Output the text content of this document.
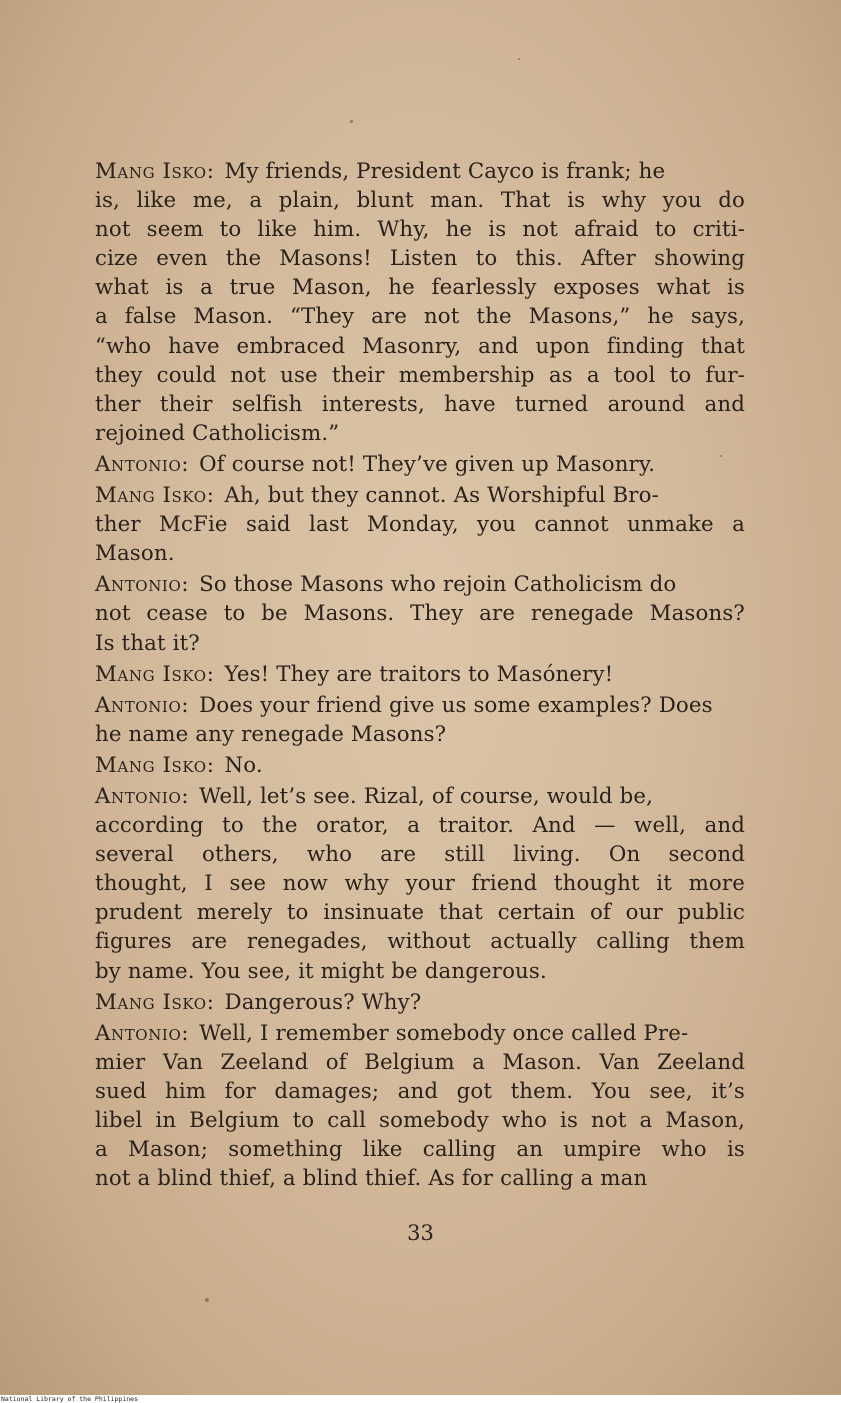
Mang Isko: My friends, President Cayco is frank; he
is, like me, a plain, blunt man. That is why you do
not seem to like him. Why, he is not afraid to criti-
cize even the Masons! Listen to this. After showing
what is a true Mason, he fearlessly exposes what is
a false Mason. “They are not the Masons,” he says,
“who have embraced Masonry, and upon finding that
they could not use their membership as a tool to fur-
ther their selfish interests, have turned around and
rejoined Catholicism.”
Antonio: Of course not! They’ve given up Masonry.
Mang Isko: Ah, but they cannot. As Worshipful Bro-
ther McFie said last Monday, you cannot unmake a
Mason.
Antonio: So those Masons who rejoin Catholicism do
not cease to be Masons. They are renegade Masons?
Is that it?
Mang Isko: Yes! They are traitors to Masónery!
Antonio: Does your friend give us some examples? Does
he name any renegade Masons?
Mang Isko: No.
Antonio: Well, let’s see. Rizal, of course, would be,
according to the orator, a traitor. And — well, and
several others, who are still living. On second
thought, I see now why your friend thought it more
prudent merely to insinuate that certain of our public
figures are renegades, without actually calling them
by name. You see, it might be dangerous.
Mang Isko: Dangerous? Why?
Antonio: Well, I remember somebody once called Pre-
mier Van Zeeland of Belgium a Mason. Van Zeeland
sued him for damages; and got them. You see, it’s
libel in Belgium to call somebody who is not a Mason,
a Mason; something like calling an umpire who is
not a blind thief, a blind thief. As for calling a man
33
National Library of the Philippines
